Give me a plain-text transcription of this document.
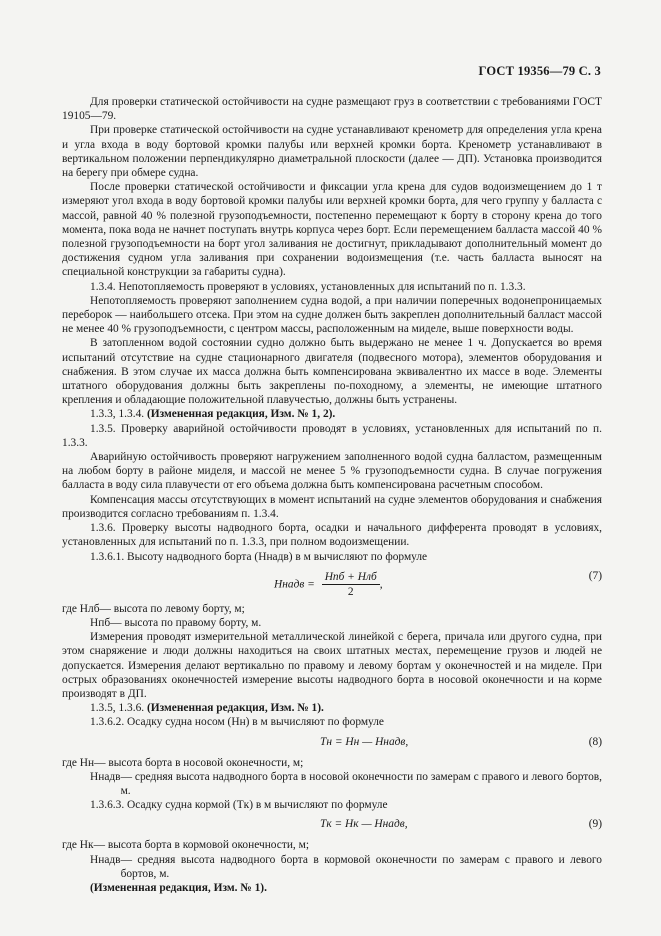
ГОСТ 19356—79 С. 3

Для проверки статической остойчивости на судне размещают груз в соответствии с требованиями ГОСТ 19105—79.

При проверке статической остойчивости на судне устанавливают кренометр для определения угла крена и угла входа в воду бортовой кромки палубы или верхней кромки борта. Кренометр устанавливают в вертикальном положении перпендикулярно диаметральной плоскости (далее — ДП). Установка производится на берегу при обмере судна.

После проверки статической остойчивости и фиксации угла крена для судов водоизмещением до 1 т измеряют угол входа в воду бортовой кромки палубы или верхней кромки борта, для чего группу у балласта с массой, равной 40 % полезной грузоподъемности, постепенно перемещают к борту в сторону крена до того момента, пока вода не начнет поступать внутрь корпуса через борт. Если перемещением балласта массой 40 % полезной грузоподъемности на борт угол заливания не достигнут, прикладывают дополнительный момент до достижения судном угла заливания при сохранении водоизмещения (т.е. часть балласта выносят на специальной конструкции за габариты судна).

1.3.4. Непотопляемость проверяют в условиях, установленных для испытаний по п. 1.3.3.

Непотопляемость проверяют заполнением судна водой, а при наличии поперечных водонепроницаемых переборок — наибольшего отсека. При этом на судне должен быть закреплен дополнительный балласт массой не менее 40 % грузоподъемности, с центром массы, расположенным на миделе, выше поверхности воды.

В затопленном водой состоянии судно должно быть выдержано не менее 1 ч. Допускается во время испытаний отсутствие на судне стационарного двигателя (подвесного мотора), элементов оборудования и снабжения. В этом случае их масса должна быть компенсирована эквивалентно их массе в воде. Элементы штатного оборудования должны быть закреплены по-походному, а элементы, не имеющие штатного крепления и обладающие положительной плавучестью, должны быть устранены.

1.3.3, 1.3.4. (Измененная редакция, Изм. № 1, 2).

1.3.5. Проверку аварийной остойчивости проводят в условиях, установленных для испытаний по п. 1.3.3.

Аварийную остойчивость проверяют нагружением заполненного водой судна балластом, размещенным на любом борту в районе миделя, и массой не менее 5 % грузоподъемности судна. В случае погружения балласта в воду сила плавучести от его объема должна быть компенсирована расчетным способом.

Компенсация массы отсутствующих в момент испытаний на судне элементов оборудования и снабжения производится согласно требованиям п. 1.3.4.

1.3.6. Проверку высоты надводного борта, осадки и начального дифферента проводят в условиях, установленных для испытаний по п. 1.3.3, при полном водоизмещении.

1.3.6.1. Высоту надводного борта (Hнадв) в м вычисляют по формуле

Hнадв = $\frac{\text{Hпб + Hлб}}{2}$ ,
(7)
где Hлб — высота по левому борту, м;
Hпб — высота по правому борту, м.

Измерения проводят измерительной металлической линейкой с берега, причала или другого судна, при этом снаряжение и люди должны находиться на своих штатных местах, перемещение грузов и людей не допускается. Измерения делают вертикально по правому и левому бортам у оконечностей и на миделе. При острых образованиях оконечностей измерение высоты надводного борта в носовой оконечности и на корме производят в ДП.

1.3.5, 1.3.6. (Измененная редакция, Изм. № 1).

1.3.6.2. Осадку судна носом (Hн) в м вычисляют по формуле

Tн = Hн — Hнадв,	(8)
где Hн — высота борта в носовой оконечности, м;
Hнадв — средняя высота надводного борта в носовой оконечности по замерам с правого и левого бортов, м.

1.3.6.3. Осадку судна кормой (Tк) в м вычисляют по формуле

Tк = Hк — Hнадв,	(9)
где Hк — высота борта в кормовой оконечности, м;
Hнадв — средняя высота надводного борта в кормовой оконечности по замерам с правого и левого бортов, м.

(Измененная редакция, Изм. № 1).
